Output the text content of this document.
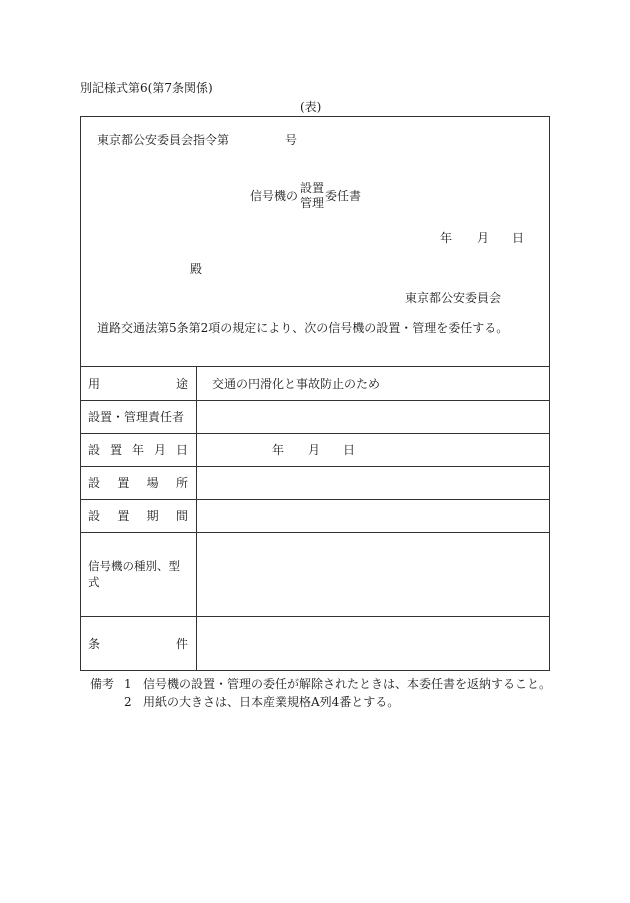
別記様式第6(第7条関係)
(表)
東京都公安委員会指令第	号
信号機の
設置
管理 委任書
年 月 日
殿
東京都公安委員会
道路交通法第5条第2項の規定により、次の信号機の設置・管理を委任する。
用	途 交通の円滑化と事故防止のため
設置・管理責任者
設 置 年 月 日	年 月 日
設 置 場 所
設 置 期 間
信号機の種別、型式
条	件
備考 1 信号機の設置・管理の委任が解除されたときは、本委任書を返納すること。
2 用紙の大きさは、日本産業規格A列4番とする。
